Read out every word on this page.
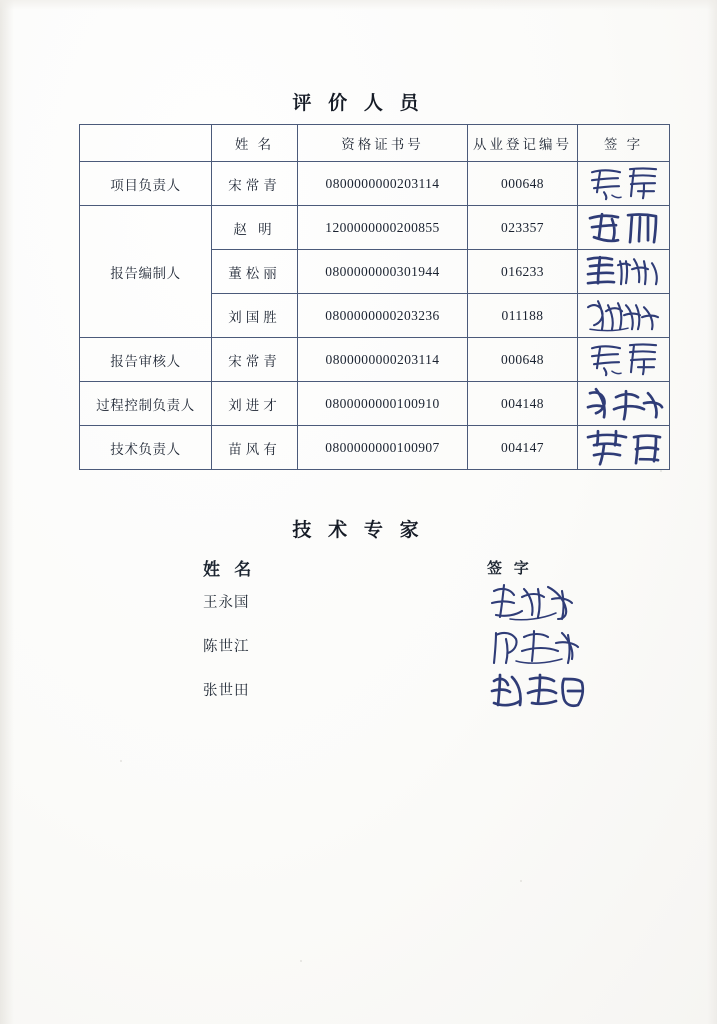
评 价 人 员
	姓 名	资格证书号	从业登记编号	签 字
项目负责人	宋常青	0800000000203114	000648	

报告编制人	赵 明	1200000000200855	023357	

	董松丽	0800000000301944	016233	

	刘国胜	0800000000203236	011188	

报告审核人	宋常青	0800000000203114	000648	

过程控制负责人	刘进才	0800000000100910	004148	

技术负责人	苗风有	0800000000100907	004147	
技 术 专 家
姓 名	签 字
王永国
陈世江
张世田
